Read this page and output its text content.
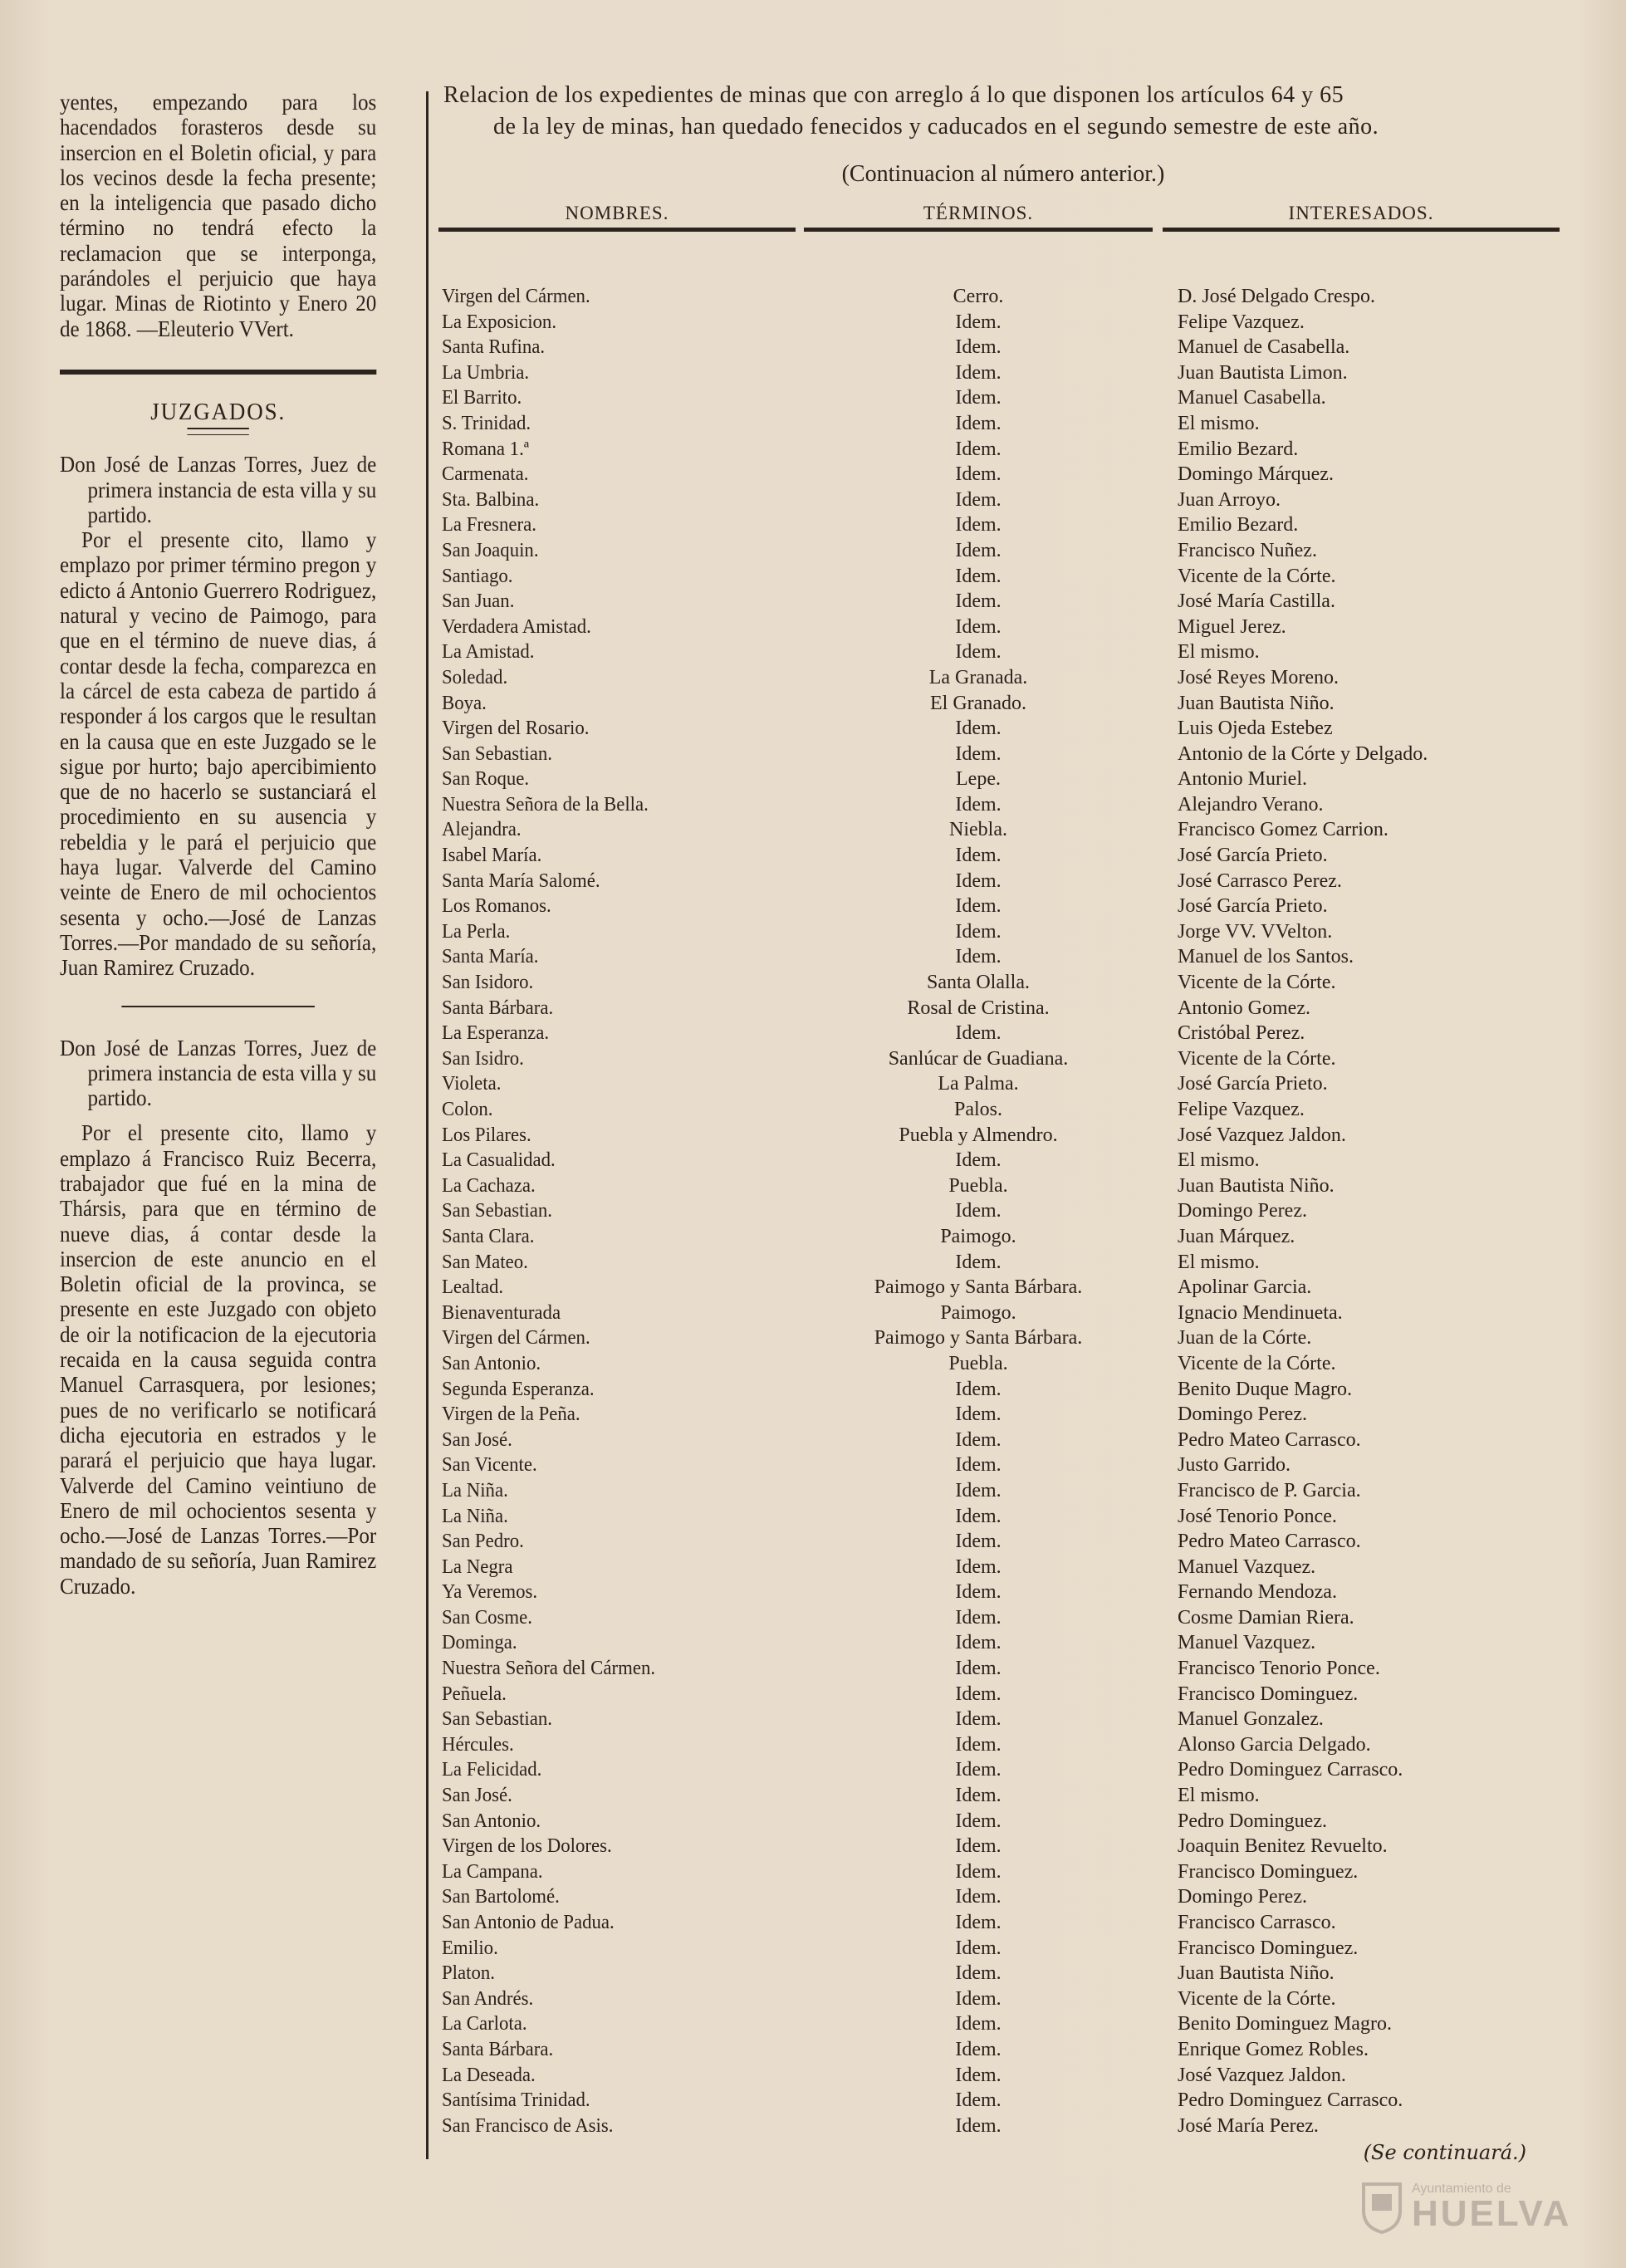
yentes, empezando para los hacendados forasteros desde su insercion en el Boletin oficial, y para los vecinos desde la fecha presente; en la inteligencia que pasado dicho término no tendrá efecto la reclamacion que se interponga, parándoles el perjuicio que haya lugar. Minas de Riotinto y Enero 20 de 1868. —Eleuterio VVert.

JUZGADOS.

Don José de Lanzas Torres, Juez de primera instancia de esta villa y su partido.

Por el presente cito, llamo y emplazo por primer término pregon y edicto á Antonio Guerrero Rodriguez, natural y vecino de Paimogo, para que en el término de nueve dias, á contar desde la fecha, comparezca en la cárcel de esta cabeza de partido á responder á los cargos que le resultan en la causa que en este Juzgado se le sigue por hurto; bajo apercibimiento que de no hacerlo se sustanciará el procedimiento en su ausencia y rebeldia y le pará el perjuicio que haya lugar. Valverde del Camino veinte de Enero de mil ochocientos sesenta y ocho.—José de Lanzas Torres.—Por mandado de su señoría, Juan Ramirez Cruzado.

Don José de Lanzas Torres, Juez de primera instancia de esta villa y su partido.

Por el presente cito, llamo y emplazo á Francisco Ruiz Becerra, trabajador que fué en la mina de Thársis, para que en término de nueve dias, á contar desde la insercion de este anuncio en el Boletin oficial de la provinca, se presente en este Juzgado con objeto de oir la notificacion de la ejecutoria recaida en la causa seguida contra Manuel Carrasquera, por lesiones; pues de no verificarlo se notificará dicha ejecutoria en estrados y le parará el perjuicio que haya lugar. Valverde del Camino veintiuno de Enero de mil ochocientos sesenta y ocho.—José de Lanzas Torres.—Por mandado de su señoría, Juan Ramirez Cruzado.

Relacion de los expedientes de minas que con arreglo á lo que disponen los artículos 64 y 65
de la ley de minas, han quedado fenecidos y caducados en el segundo semestre de este año.
(Continuacion al número anterior.)
NOMBRES.	TÉRMINOS.	INTERESADOS.
Virgen del Cármen.	Cerro.	D. José Delgado Crespo.
La Exposicion.	Idem.	Felipe Vazquez.
Santa Rufina.	Idem.	Manuel de Casabella.
La Umbria.	Idem.	Juan Bautista Limon.
El Barrito.	Idem.	Manuel Casabella.
S. Trinidad.	Idem.	El mismo.
Romana 1.ª	Idem.	Emilio Bezard.
Carmenata.	Idem.	Domingo Márquez.
Sta. Balbina.	Idem.	Juan Arroyo.
La Fresnera.	Idem.	Emilio Bezard.
San Joaquin.	Idem.	Francisco Nuñez.
Santiago.	Idem.	Vicente de la Córte.
San Juan.	Idem.	José María Castilla.
Verdadera Amistad.	Idem.	Miguel Jerez.
La Amistad.	Idem.	El mismo.
Soledad.	La Granada.	José Reyes Moreno.
Boya.	El Granado.	Juan Bautista Niño.
Virgen del Rosario.	Idem.	Luis Ojeda Estebez
San Sebastian.	Idem.	Antonio de la Córte y Delgado.
San Roque.	Lepe.	Antonio Muriel.
Nuestra Señora de la Bella.	Idem.	Alejandro Verano.
Alejandra.	Niebla.	Francisco Gomez Carrion.
Isabel María.	Idem.	José García Prieto.
Santa María Salomé.	Idem.	José Carrasco Perez.
Los Romanos.	Idem.	José García Prieto.
La Perla.	Idem.	Jorge VV. VVelton.
Santa María.	Idem.	Manuel de los Santos.
San Isidoro.	Santa Olalla.	Vicente de la Córte.
Santa Bárbara.	Rosal de Cristina.	Antonio Gomez.
La Esperanza.	Idem.	Cristóbal Perez.
San Isidro.	Sanlúcar de Guadiana.	Vicente de la Córte.
Violeta.	La Palma.	José García Prieto.
Colon.	Palos.	Felipe Vazquez.
Los Pilares.	Puebla y Almendro.	José Vazquez Jaldon.
La Casualidad.	Idem.	El mismo.
La Cachaza.	Puebla.	Juan Bautista Niño.
San Sebastian.	Idem.	Domingo Perez.
Santa Clara.	Paimogo.	Juan Márquez.
San Mateo.	Idem.	El mismo.
Lealtad.	Paimogo y Santa Bárbara.	Apolinar Garcia.
Bienaventurada	Paimogo.	Ignacio Mendinueta.
Virgen del Cármen.	Paimogo y Santa Bárbara.	Juan de la Córte.
San Antonio.	Puebla.	Vicente de la Córte.
Segunda Esperanza.	Idem.	Benito Duque Magro.
Virgen de la Peña.	Idem.	Domingo Perez.
San José.	Idem.	Pedro Mateo Carrasco.
San Vicente.	Idem.	Justo Garrido.
La Niña.	Idem.	Francisco de P. Garcia.
La Niña.	Idem.	José Tenorio Ponce.
San Pedro.	Idem.	Pedro Mateo Carrasco.
La Negra	Idem.	Manuel Vazquez.
Ya Veremos.	Idem.	Fernando Mendoza.
San Cosme.	Idem.	Cosme Damian Riera.
Dominga.	Idem.	Manuel Vazquez.
Nuestra Señora del Cármen.	Idem.	Francisco Tenorio Ponce.
Peñuela.	Idem.	Francisco Dominguez.
San Sebastian.	Idem.	Manuel Gonzalez.
Hércules.	Idem.	Alonso Garcia Delgado.
La Felicidad.	Idem.	Pedro Dominguez Carrasco.
San José.	Idem.	El mismo.
San Antonio.	Idem.	Pedro Dominguez.
Virgen de los Dolores.	Idem.	Joaquin Benitez Revuelto.
La Campana.	Idem.	Francisco Dominguez.
San Bartolomé.	Idem.	Domingo Perez.
San Antonio de Padua.	Idem.	Francisco Carrasco.
Emilio.	Idem.	Francisco Dominguez.
Platon.	Idem.	Juan Bautista Niño.
San Andrés.	Idem.	Vicente de la Córte.
La Carlota.	Idem.	Benito Dominguez Magro.
Santa Bárbara.	Idem.	Enrique Gomez Robles.
La Deseada.	Idem.	José Vazquez Jaldon.
Santísima Trinidad.	Idem.	Pedro Dominguez Carrasco.
San Francisco de Asis.	Idem.	José María Perez.
(Se continuará.)
Ayuntamiento de
HUELVA
